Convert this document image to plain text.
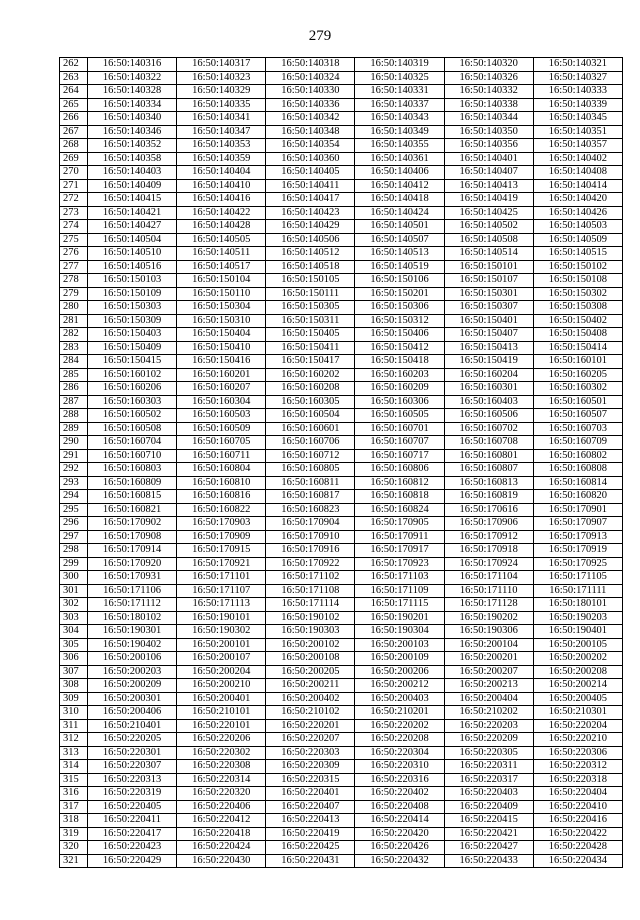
279
262	16:50:140316	16:50:140317	16:50:140318	16:50:140319	16:50:140320	16:50:140321
263	16:50:140322	16:50:140323	16:50:140324	16:50:140325	16:50:140326	16:50:140327
264	16:50:140328	16:50:140329	16:50:140330	16:50:140331	16:50:140332	16:50:140333
265	16:50:140334	16:50:140335	16:50:140336	16:50:140337	16:50:140338	16:50:140339
266	16:50:140340	16:50:140341	16:50:140342	16:50:140343	16:50:140344	16:50:140345
267	16:50:140346	16:50:140347	16:50:140348	16:50:140349	16:50:140350	16:50:140351
268	16:50:140352	16:50:140353	16:50:140354	16:50:140355	16:50:140356	16:50:140357
269	16:50:140358	16:50:140359	16:50:140360	16:50:140361	16:50:140401	16:50:140402
270	16:50:140403	16:50:140404	16:50:140405	16:50:140406	16:50:140407	16:50:140408
271	16:50:140409	16:50:140410	16:50:140411	16:50:140412	16:50:140413	16:50:140414
272	16:50:140415	16:50:140416	16:50:140417	16:50:140418	16:50:140419	16:50:140420
273	16:50:140421	16:50:140422	16:50:140423	16:50:140424	16:50:140425	16:50:140426
274	16:50:140427	16:50:140428	16:50:140429	16:50:140501	16:50:140502	16:50:140503
275	16:50:140504	16:50:140505	16:50:140506	16:50:140507	16:50:140508	16:50:140509
276	16:50:140510	16:50:140511	16:50:140512	16:50:140513	16:50:140514	16:50:140515
277	16:50:140516	16:50:140517	16:50:140518	16:50:140519	16:50:150101	16:50:150102
278	16:50:150103	16:50:150104	16:50:150105	16:50:150106	16:50:150107	16:50:150108
279	16:50:150109	16:50:150110	16:50:150111	16:50:150201	16:50:150301	16:50:150302
280	16:50:150303	16:50:150304	16:50:150305	16:50:150306	16:50:150307	16:50:150308
281	16:50:150309	16:50:150310	16:50:150311	16:50:150312	16:50:150401	16:50:150402
282	16:50:150403	16:50:150404	16:50:150405	16:50:150406	16:50:150407	16:50:150408
283	16:50:150409	16:50:150410	16:50:150411	16:50:150412	16:50:150413	16:50:150414
284	16:50:150415	16:50:150416	16:50:150417	16:50:150418	16:50:150419	16:50:160101
285	16:50:160102	16:50:160201	16:50:160202	16:50:160203	16:50:160204	16:50:160205
286	16:50:160206	16:50:160207	16:50:160208	16:50:160209	16:50:160301	16:50:160302
287	16:50:160303	16:50:160304	16:50:160305	16:50:160306	16:50:160403	16:50:160501
288	16:50:160502	16:50:160503	16:50:160504	16:50:160505	16:50:160506	16:50:160507
289	16:50:160508	16:50:160509	16:50:160601	16:50:160701	16:50:160702	16:50:160703
290	16:50:160704	16:50:160705	16:50:160706	16:50:160707	16:50:160708	16:50:160709
291	16:50:160710	16:50:160711	16:50:160712	16:50:160717	16:50:160801	16:50:160802
292	16:50:160803	16:50:160804	16:50:160805	16:50:160806	16:50:160807	16:50:160808
293	16:50:160809	16:50:160810	16:50:160811	16:50:160812	16:50:160813	16:50:160814
294	16:50:160815	16:50:160816	16:50:160817	16:50:160818	16:50:160819	16:50:160820
295	16:50:160821	16:50:160822	16:50:160823	16:50:160824	16:50:170616	16:50:170901
296	16:50:170902	16:50:170903	16:50:170904	16:50:170905	16:50:170906	16:50:170907
297	16:50:170908	16:50:170909	16:50:170910	16:50:170911	16:50:170912	16:50:170913
298	16:50:170914	16:50:170915	16:50:170916	16:50:170917	16:50:170918	16:50:170919
299	16:50:170920	16:50:170921	16:50:170922	16:50:170923	16:50:170924	16:50:170925
300	16:50:170931	16:50:171101	16:50:171102	16:50:171103	16:50:171104	16:50:171105
301	16:50:171106	16:50:171107	16:50:171108	16:50:171109	16:50:171110	16:50:171111
302	16:50:171112	16:50:171113	16:50:171114	16:50:171115	16:50:171128	16:50:180101
303	16:50:180102	16:50:190101	16:50:190102	16:50:190201	16:50:190202	16:50:190203
304	16:50:190301	16:50:190302	16:50:190303	16:50:190304	16:50:190306	16:50:190401
305	16:50:190402	16:50:200101	16:50:200102	16:50:200103	16:50:200104	16:50:200105
306	16:50:200106	16:50:200107	16:50:200108	16:50:200109	16:50:200201	16:50:200202
307	16:50:200203	16:50:200204	16:50:200205	16:50:200206	16:50:200207	16:50:200208
308	16:50:200209	16:50:200210	16:50:200211	16:50:200212	16:50:200213	16:50:200214
309	16:50:200301	16:50:200401	16:50:200402	16:50:200403	16:50:200404	16:50:200405
310	16:50:200406	16:50:210101	16:50:210102	16:50:210201	16:50:210202	16:50:210301
311	16:50:210401	16:50:220101	16:50:220201	16:50:220202	16:50:220203	16:50:220204
312	16:50:220205	16:50:220206	16:50:220207	16:50:220208	16:50:220209	16:50:220210
313	16:50:220301	16:50:220302	16:50:220303	16:50:220304	16:50:220305	16:50:220306
314	16:50:220307	16:50:220308	16:50:220309	16:50:220310	16:50:220311	16:50:220312
315	16:50:220313	16:50:220314	16:50:220315	16:50:220316	16:50:220317	16:50:220318
316	16:50:220319	16:50:220320	16:50:220401	16:50:220402	16:50:220403	16:50:220404
317	16:50:220405	16:50:220406	16:50:220407	16:50:220408	16:50:220409	16:50:220410
318	16:50:220411	16:50:220412	16:50:220413	16:50:220414	16:50:220415	16:50:220416
319	16:50:220417	16:50:220418	16:50:220419	16:50:220420	16:50:220421	16:50:220422
320	16:50:220423	16:50:220424	16:50:220425	16:50:220426	16:50:220427	16:50:220428
321	16:50:220429	16:50:220430	16:50:220431	16:50:220432	16:50:220433	16:50:220434
